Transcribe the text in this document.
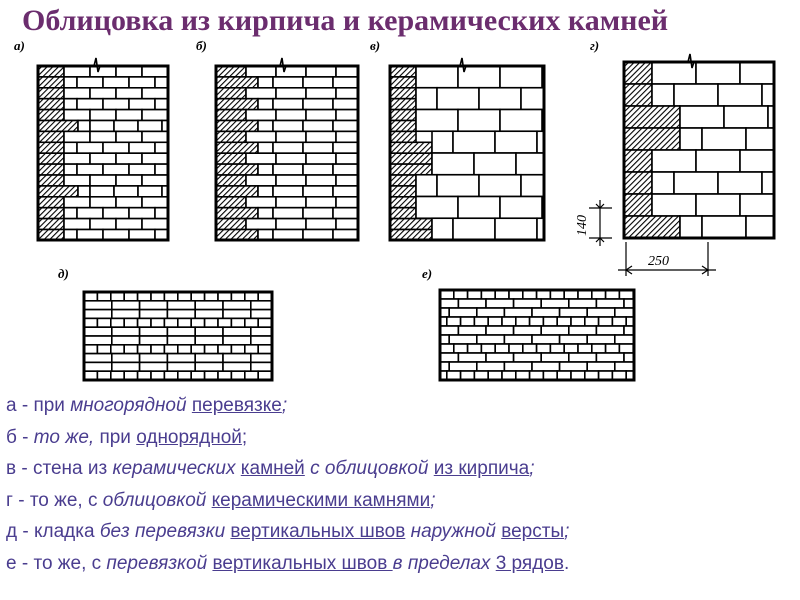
Облицовка из кирпича и керамических камней
а)	б)	в)	г)
д)	е)
140
250
а - при многорядной перевязке;
б - то же, при однорядной;
в - стена из керамических камней с облицовкой из кирпича;
г - то же, с облицовкой керамическими камнями;
д - кладка без перевязки вертикальных швов наружной версты;
е - то же, с перевязкой вертикальных швов в пределах 3 рядов.
